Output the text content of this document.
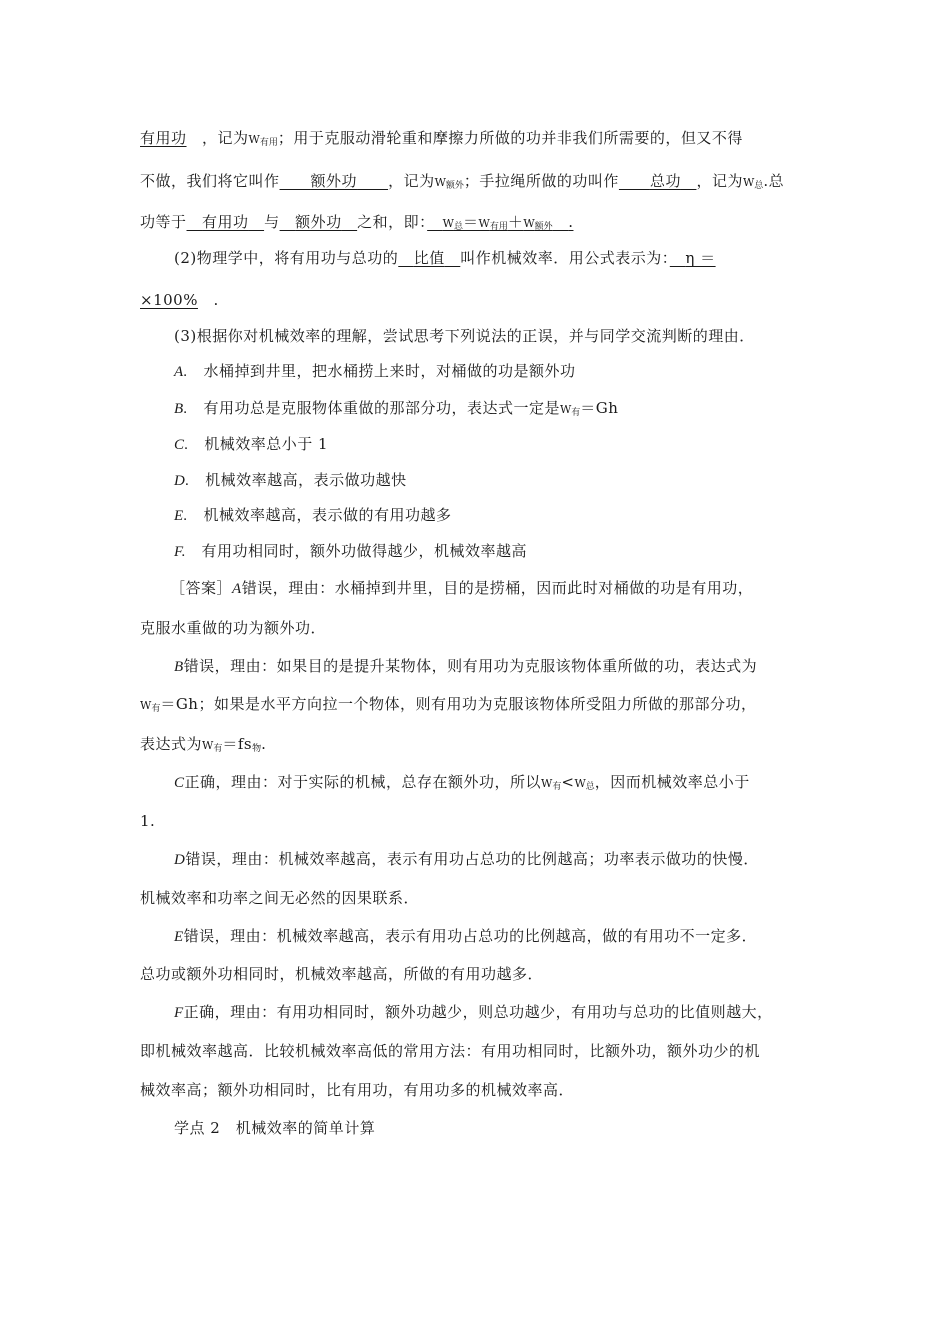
有用功　 ，记为$W_{有用}$；用于克服动滑轮重和摩擦力所做的功并非我们所需要的，但又不得
不做，我们将它叫作　　 额外功　　 ，记为$W_{额外}$；手拉绳所做的功叫作　　 总功　 ，记为$W_总$.总
功等于　 有用功　 与　 额外功　 之和，即：　 $W_总=W_{有用}+W_{额外}$　 .
(2)物理学中，将有用功与总功的　 比值　 叫作机械效率．用公式表示为：　 η ＝
×100%　 .
(3)根据你对机械效率的理解，尝试思考下列说法的正误，并与同学交流判断的理由．
A.　 水桶掉到井里，把水桶捞上来时，对桶做的功是额外功
B.　 有用功总是克服物体重做的那部分功，表达式一定是$W_有=Gh$
C.　 机械效率总小于 1
D.　 机械效率越高，表示做功越快
E.　 机械效率越高，表示做的有用功越多
F.　 有用功相同时，额外功做得越少，机械效率越高
［答案］A错误，理由：水桶掉到井里，目的是捞桶，因而此时对桶做的功是有用功，
克服水重做的功为额外功．
B错误，理由：如果目的是提升某物体，则有用功为克服该物体重所做的功，表达式为
$W_有=Gh$；如果是水平方向拉一个物体，则有用功为克服该物体所受阻力所做的那部分功，
表达式为$W_有=fs_物$.
C正确，理由：对于实际的机械，总存在额外功，所以$W_有<W_总$，因而机械效率总小于
1.
D错误，理由：机械效率越高，表示有用功占总功的比例越高；功率表示做功的快慢．
机械效率和功率之间无必然的因果联系．
E错误，理由：机械效率越高，表示有用功占总功的比例越高，做的有用功不一定多．
总功或额外功相同时，机械效率越高，所做的有用功越多．
F正确，理由：有用功相同时，额外功越少，则总功越少，有用功与总功的比值则越大，
即机械效率越高．比较机械效率高低的常用方法：有用功相同时，比额外功，额外功少的机
械效率高；额外功相同时，比有用功，有用功多的机械效率高．
学点 2　机械效率的简单计算
